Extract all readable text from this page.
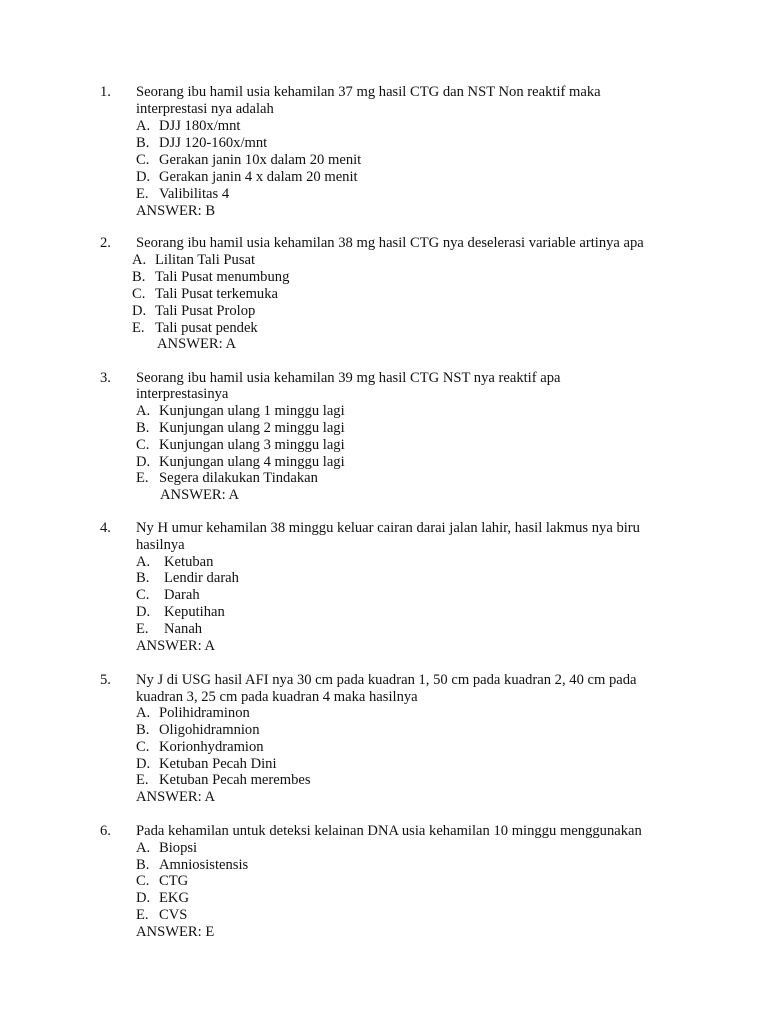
1. Seorang ibu hamil usia kehamilan 37 mg hasil CTG dan NST Non reaktif maka
interprestasi nya adalah
A. DJJ 180x/mnt
B. DJJ 120-160x/mnt
C. Gerakan janin 10x dalam 20 menit
D. Gerakan janin 4 x dalam 20 menit
E. Valibilitas 4
ANSWER: B
2. Seorang ibu hamil usia kehamilan 38 mg hasil CTG nya deselerasi variable artinya apa
A. Lilitan Tali Pusat
B. Tali Pusat menumbung
C. Tali Pusat terkemuka
D. Tali Pusat Prolop
E. Tali pusat pendek
ANSWER: A
3. Seorang ibu hamil usia kehamilan 39 mg hasil CTG NST nya reaktif apa
interprestasinya
A. Kunjungan ulang 1 minggu lagi
B. Kunjungan ulang 2 minggu lagi
C. Kunjungan ulang 3 minggu lagi
D. Kunjungan ulang 4 minggu lagi
E. Segera dilakukan Tindakan
ANSWER: A
4. Ny H umur kehamilan 38 minggu keluar cairan darai jalan lahir, hasil lakmus nya biru
hasilnya
A. Ketuban
B. Lendir darah
C. Darah
D. Keputihan
E. Nanah
ANSWER: A
5. Ny J di USG hasil AFI nya 30 cm pada kuadran 1, 50 cm pada kuadran 2, 40 cm pada
kuadran 3, 25 cm pada kuadran 4 maka hasilnya
A. Polihidraminon
B. Oligohidramnion
C. Korionhydramion
D. Ketuban Pecah Dini
E. Ketuban Pecah merembes
ANSWER: A
6. Pada kehamilan untuk deteksi kelainan DNA usia kehamilan 10 minggu menggunakan
A. Biopsi
B. Amniosistensis
C. CTG
D. EKG
E. CVS
ANSWER: E
